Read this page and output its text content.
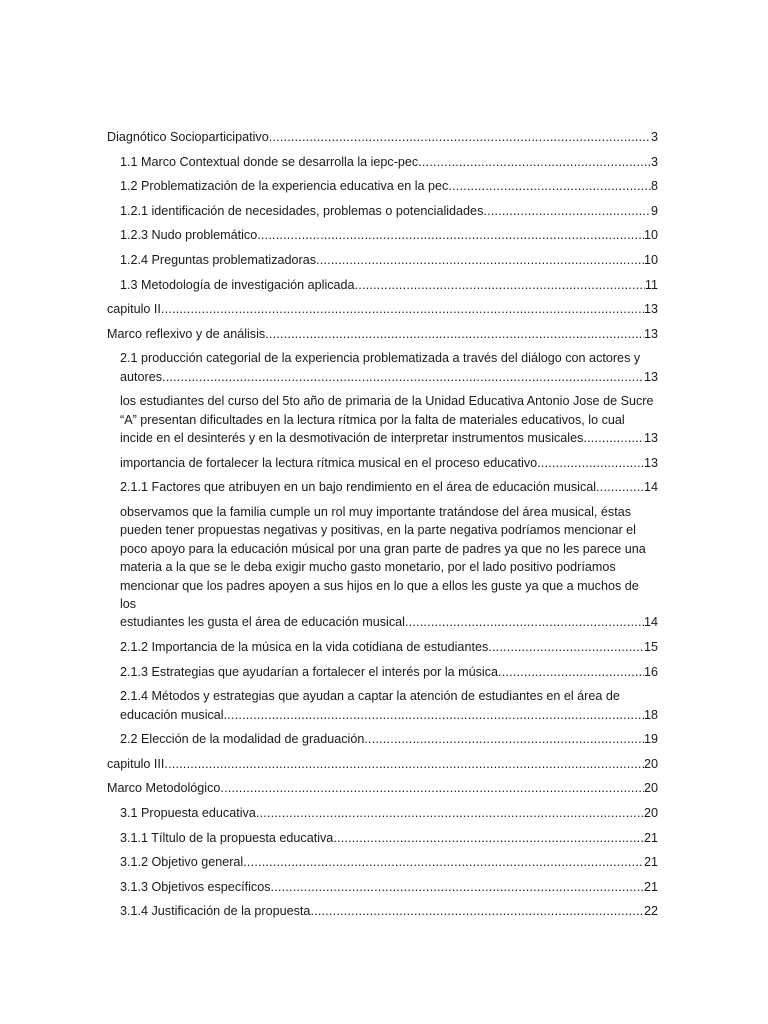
Diagnótico Socioparticipativo .....	3
1.1 Marco Contextual donde se desarrolla la iepc-pec .....	3
1.2 Problematización de la experiencia educativa en la pec .....	8
1.2.1 identificación de necesidades, problemas o potencialidades .....	9
1.2.3 Nudo problemático .....	10
1.2.4 Preguntas problematizadoras .....	10
1.3 Metodología de investigación aplicada .....	11
capitulo II .....	13
Marco reflexivo y de análisis .....	13
2.1 producción categorial de la experiencia problematizada a través del diálogo con actores y
autores .....	13
los estudiantes del curso del 5to año de primaria de la Unidad Educativa Antonio Jose de Sucre
“A” presentan dificultades en la lectura rítmica por la falta de materiales educativos, lo cual
incide en el desinterés y en la desmotivación de interpretar instrumentos musicales .....	13
importancia de fortalecer la lectura rítmica musical en el proceso educativo .....	13
2.1.1 Factores que atribuyen en un bajo rendimiento en el área de educación musical .....	14
observamos que la familia cumple un rol muy importante tratándose del área musical, éstas
pueden tener propuestas negativas y positivas, en la parte negativa podríamos mencionar el
poco apoyo para la educación músical por una gran parte de padres ya que no les parece una
materia a la que se le deba exigir mucho gasto monetario, por el lado positivo podríamos
mencionar que los padres apoyen a sus hijos en lo que a ellos les guste ya que a muchos de los
estudiantes les gusta el área de educación musical .....	14
2.1.2 Importancia de la música en la vida cotidiana de estudiantes .....	15
2.1.3 Estrategias que ayudarían a fortalecer el interés por la música .....	16
2.1.4 Métodos y estrategias que ayudan a captar la atención de estudiantes en el área de
educación musical .....	18
2.2 Elección de la modalidad de graduación .....	19
capitulo III .....	20
Marco Metodológico .....	20
3.1 Propuesta educativa .....	20
3.1.1 Tíltulo de la propuesta educativa .....	21
3.1.2 Objetivo general .....	21
3.1.3 Objetivos específicos .....	21
3.1.4 Justificación de la propuesta .....	22
